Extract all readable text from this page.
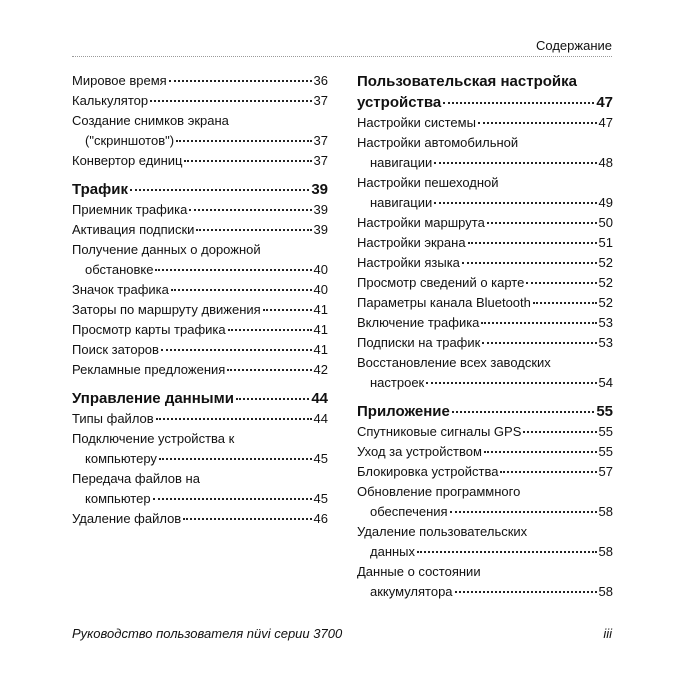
Содержание
Мировое время	36
Калькулятор	37
Создание снимков экрана
("скриншотов")	37
Конвертор единиц	37
Трафик	39
Приемник трафика	39
Активация подписки	39
Получение данных о дорожной
обстановке	40
Значок трафика	40
Заторы по маршруту движения	41
Просмотр карты трафика	41
Поиск заторов	41
Рекламные предложения	42
Управление данными	44
Типы файлов	44
Подключение устройства к
компьютеру	45
Передача файлов на
компьютер	45
Удаление файлов	46
Пользовательская настройка
устройства	47
Настройки системы	47
Настройки автомобильной
навигации	48
Настройки пешеходной
навигации	49
Настройки маршрута	50
Настройки экрана	51
Настройки языка	52
Просмотр сведений о карте	52
Параметры канала Bluetooth	52
Включение трафика	53
Подписки на трафик	53
Восстановление всех заводских
настроек	54
Приложение	55
Спутниковые сигналы GPS	55
Уход за устройством	55
Блокировка устройства	57
Обновление программного
обеспечения	58
Удаление пользовательских
данных	58
Данные о состоянии
аккумулятора	58
Руководство пользователя nüvi серии 3700	iii
